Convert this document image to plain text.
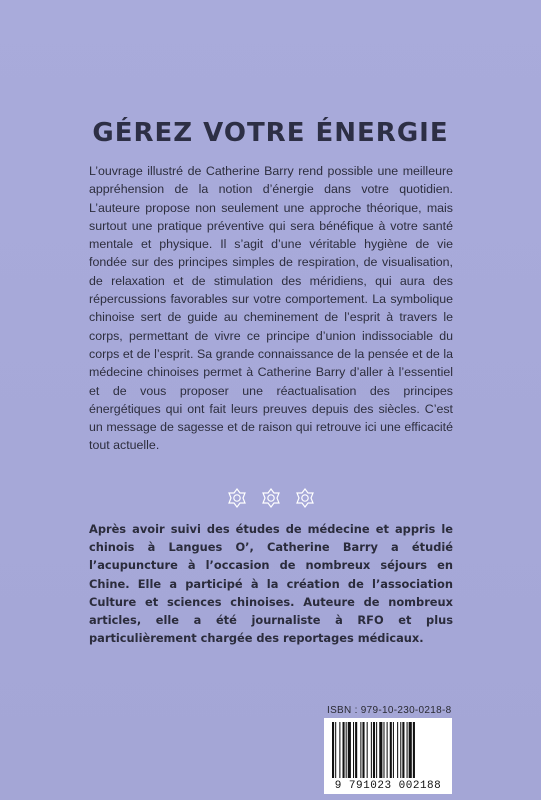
GÉREZ VOTRE ÉNERGIE

L’ouvrage illustré de Catherine Barry rend possible une meilleure appréhension de la notion d’énergie dans votre quotidien. L’auteure propose non seulement une approche théorique, mais surtout une pratique préventive qui sera bénéfique à votre santé mentale et physique. Il s’agit d’une véritable hygiène de vie fondée sur des principes simples de respiration, de visualisation, de relaxation et de stimulation des méridiens, qui aura des répercussions favorables sur votre comportement. La symbolique chinoise sert de guide au cheminement de l’esprit à travers le corps, permettant de vivre ce principe d’union indissociable du corps et de l’esprit. Sa grande connaissance de la pensée et de la médecine chinoises permet à Catherine Barry d’aller à l’essentiel et de vous proposer une réactualisation des principes énergétiques qui ont fait leurs preuves depuis des siècles. C’est un message de sagesse et de raison qui retrouve ici une efficacité tout actuelle.

Après avoir suivi des études de médecine et appris le chinois à Langues O’, Catherine Barry a étudié l’acupuncture à l’occasion de nombreux séjours en Chine. Elle a participé à la création de l’association Culture et sciences chinoises. Auteure de nombreux articles, elle a été journaliste à RFO et plus particulièrement chargée des reportages médicaux.

ISBN : 979-10-230-0218-8
9 791023 002188
